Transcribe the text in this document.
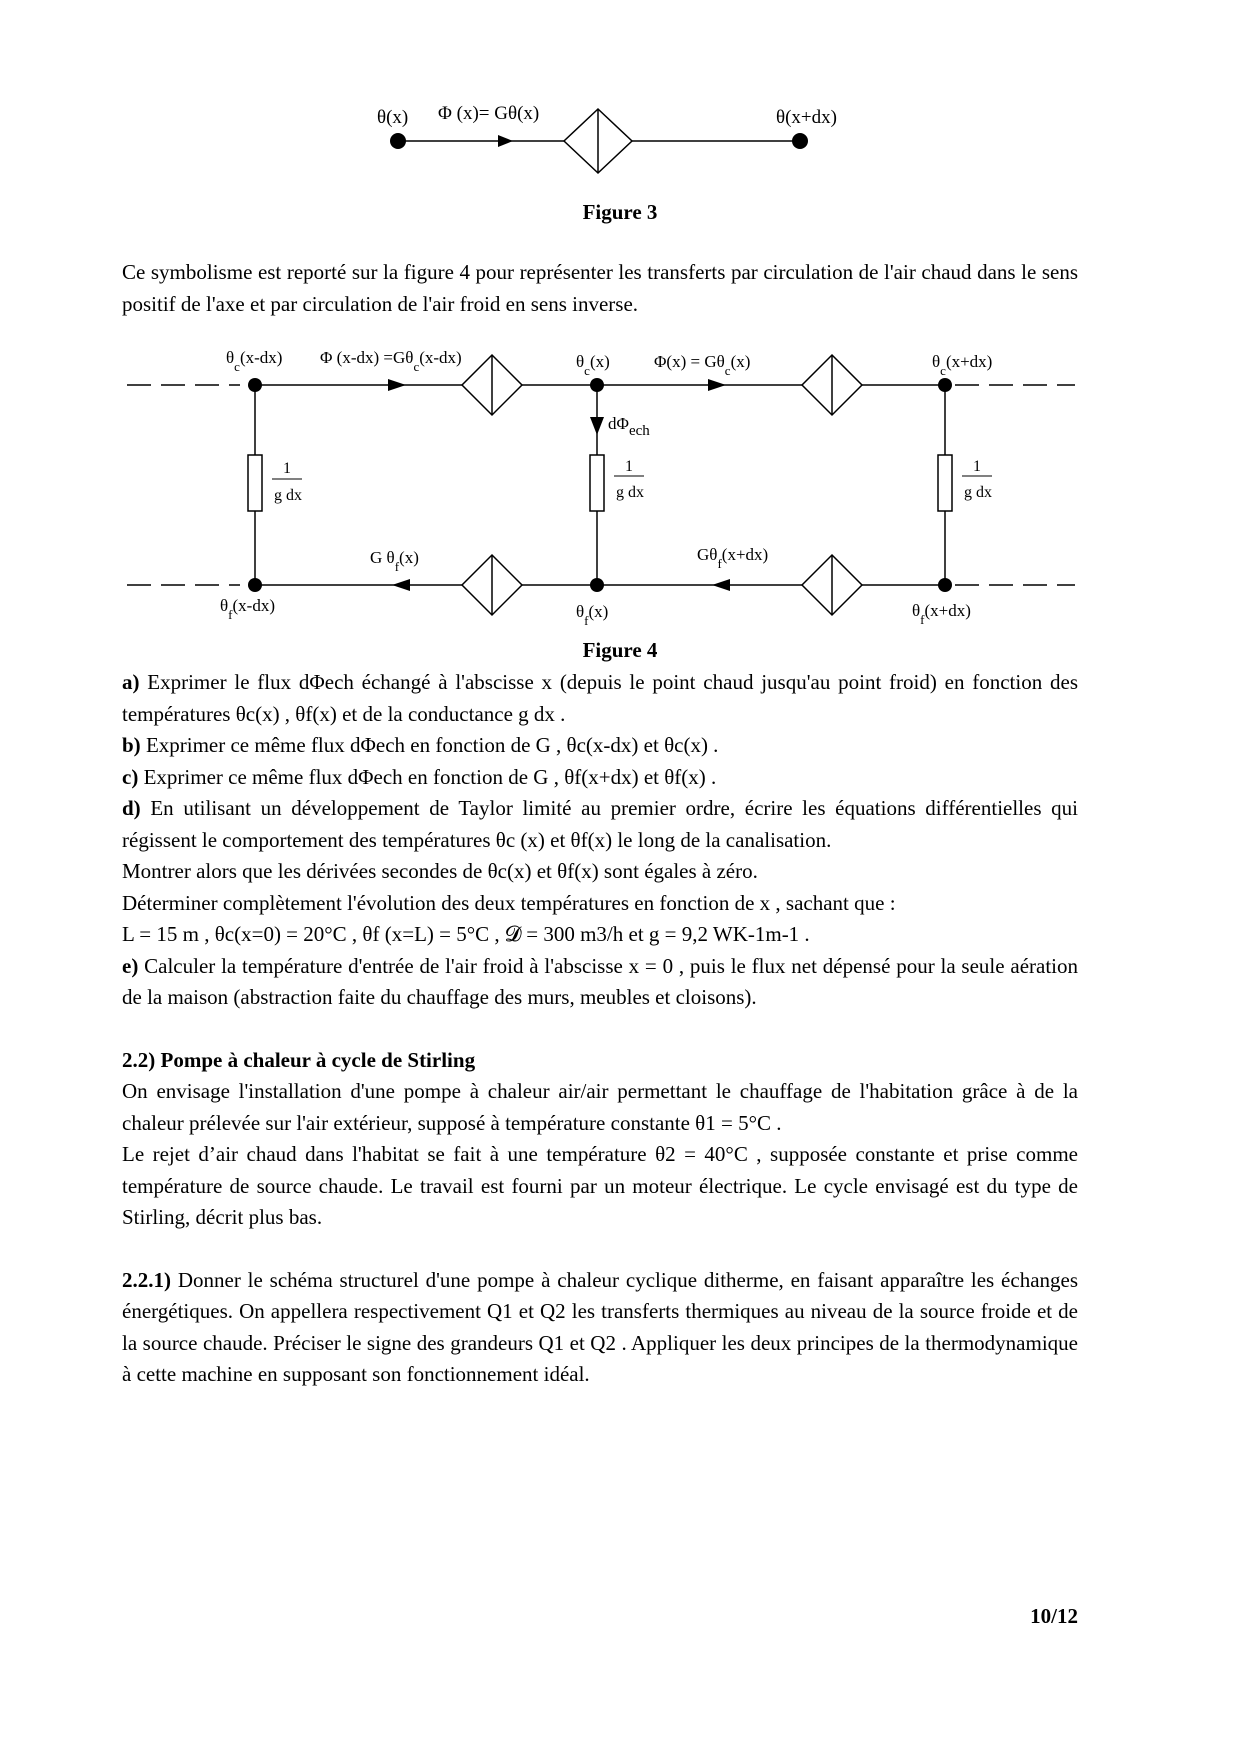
θ(x) Φ (x)= Gθ(x)	θ(x+dx)
Figure 3

Ce symbolisme est reporté sur la figure 4 pour représenter les transferts par circulation de l'air chaud dans le sens positif de l'axe et par circulation de l'air froid en sens inverse.

$\theta_c(x-dx)$ Φ $(x-dx) =G\theta_c(x-dx)$	$\theta_c(x)$	$\Phi(x) = G\theta_c(x)$	$\theta_c(x+dx)$
dΦech
1
g dx
1
g dx
1
g dx
G $\theta_f(x)$	$G\theta_f(x+dx)$
$\theta_f(x-dx)$	$\theta_f(x)$	$\theta_f(x+dx)$
Figure 4

a) Exprimer le flux dΦech échangé à l'abscisse x (depuis le point chaud jusqu'au point froid) en fonction des températures θc(x) , θf(x) et de la conductance g dx .

b) Exprimer ce même flux dΦech en fonction de G , θc(x-dx) et θc(x) .

c) Exprimer ce même flux dΦech en fonction de G , θf(x+dx) et θf(x) .

d) En utilisant un développement de Taylor limité au premier ordre, écrire les équations différentielles qui régissent le comportement des températures θc (x) et θf(x) le long de la canalisation.

Montrer alors que les dérivées secondes de θc(x) et θf(x) sont égales à zéro.

Déterminer complètement l'évolution des deux températures en fonction de x , sachant que :

L = 15 m , θc(x=0) = 20°C , θf (x=L) = 5°C , 𝓓 = 300 m3/h et g = 9,2 WK-1m-1 .

e) Calculer la température d'entrée de l'air froid à l'abscisse x = 0 , puis le flux net dépensé pour la seule aération de la maison (abstraction faite du chauffage des murs, meubles et cloisons).

2.2) Pompe à chaleur à cycle de Stirling

On envisage l'installation d'une pompe à chaleur air/air permettant le chauffage de l'habitation grâce à de la chaleur prélevée sur l'air extérieur, supposé à température constante θ1 = 5°C .

Le rejet d’air chaud dans l'habitat se fait à une température θ2 = 40°C , supposée constante et prise comme température de source chaude. Le travail est fourni par un moteur électrique. Le cycle envisagé est du type de Stirling, décrit plus bas.

2.2.1) Donner le schéma structurel d'une pompe à chaleur cyclique ditherme, en faisant apparaître les échanges énergétiques. On appellera respectivement Q1 et Q2 les transferts thermiques au niveau de la source froide et de la source chaude. Préciser le signe des grandeurs Q1 et Q2 . Appliquer les deux principes de la thermodynamique à cette machine en supposant son fonctionnement idéal.

10/12
